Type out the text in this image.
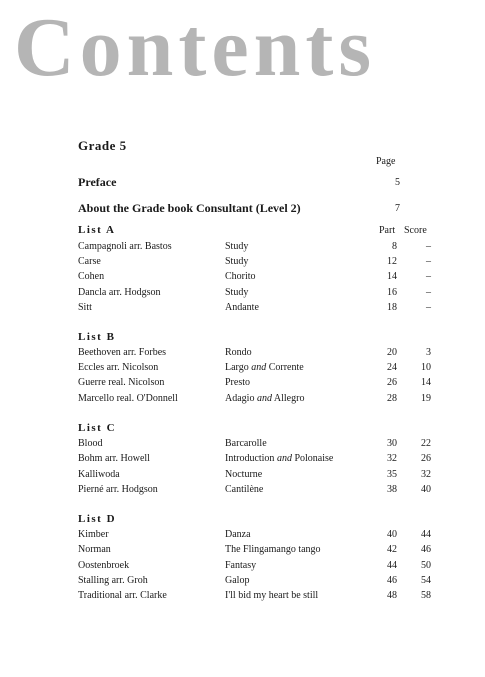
Contents
Grade 5
Page
Preface	5
About the Grade book Consultant (Level 2)	7
List A	Part Score
Campagnoli arr. Bastos	Study	8	–
Carse	Study	12	–
Cohen	Chorito	14	–
Dancla arr. Hodgson	Study	16	–
Sitt	Andante	18	–
List B
Beethoven arr. Forbes	Rondo	20	3
Eccles arr. Nicolson	Largo and Corrente	24	10
Guerre real. Nicolson	Presto	26	14
Marcello real. O'Donnell	Adagio and Allegro	28	19
List C
Blood	Barcarolle	30	22
Bohm arr. Howell	Introduction and Polonaise	32	26
Kalliwoda	Nocturne	35	32
Pierné arr. Hodgson	Cantilène	38	40
List D
Kimber	Danza	40	44
Norman	The Flingamango tango	42	46
Oostenbroek	Fantasy	44	50
Stalling arr. Groh	Galop	46	54
Traditional arr. Clarke	I'll bid my heart be still	48	58
